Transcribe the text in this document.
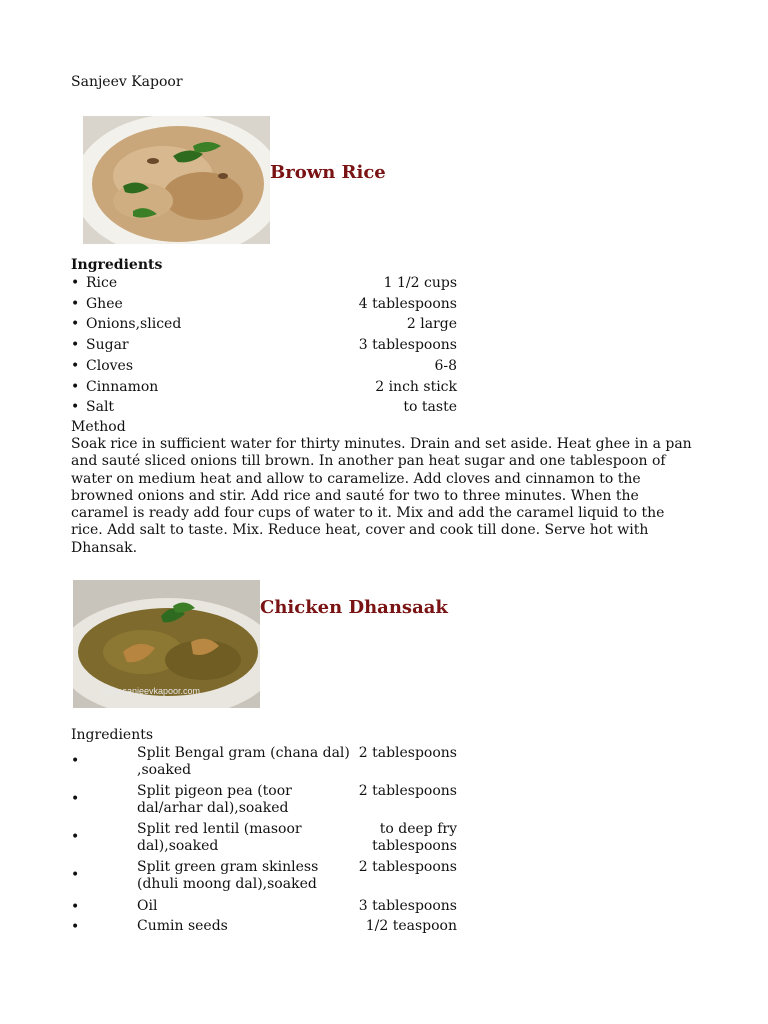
Sanjeev Kapoor
Brown Rice
Ingredients
• Rice	1 1/2 cups
• Ghee	4 tablespoons
• Onions,sliced	2 large
• Sugar	3 tablespoons
• Cloves	6-8
• Cinnamon	2 inch stick
• Salt	to taste
Method
Soak rice in sufficient water for thirty minutes. Drain and set aside. Heat ghee in a pan and sauté sliced onions till brown. In another pan heat sugar and one tablespoon of water on medium heat and allow to caramelize. Add cloves and cinnamon to the browned onions and stir. Add rice and sauté for two to three minutes. When the caramel is ready add four cups of water to it. Mix and add the caramel liquid to the rice. Add salt to taste. Mix. Reduce heat, cover and cook till done. Serve hot with Dhansak.
www.sanjeevkapoor.com
Chicken Dhansaak
Ingredients
•	Split Bengal gram (chana dal) ,soaked
2 tablespoons
•	Split pigeon pea (toor dal/arhar dal),soaked
2 tablespoons
•	Split red lentil (masoor dal),soaked
to deep fry tablespoons
•	Split green gram skinless (dhuli moong dal),soaked
2 tablespoons
•	Oil	3 tablespoons
•	Cumin seeds	1/2 teaspoon
